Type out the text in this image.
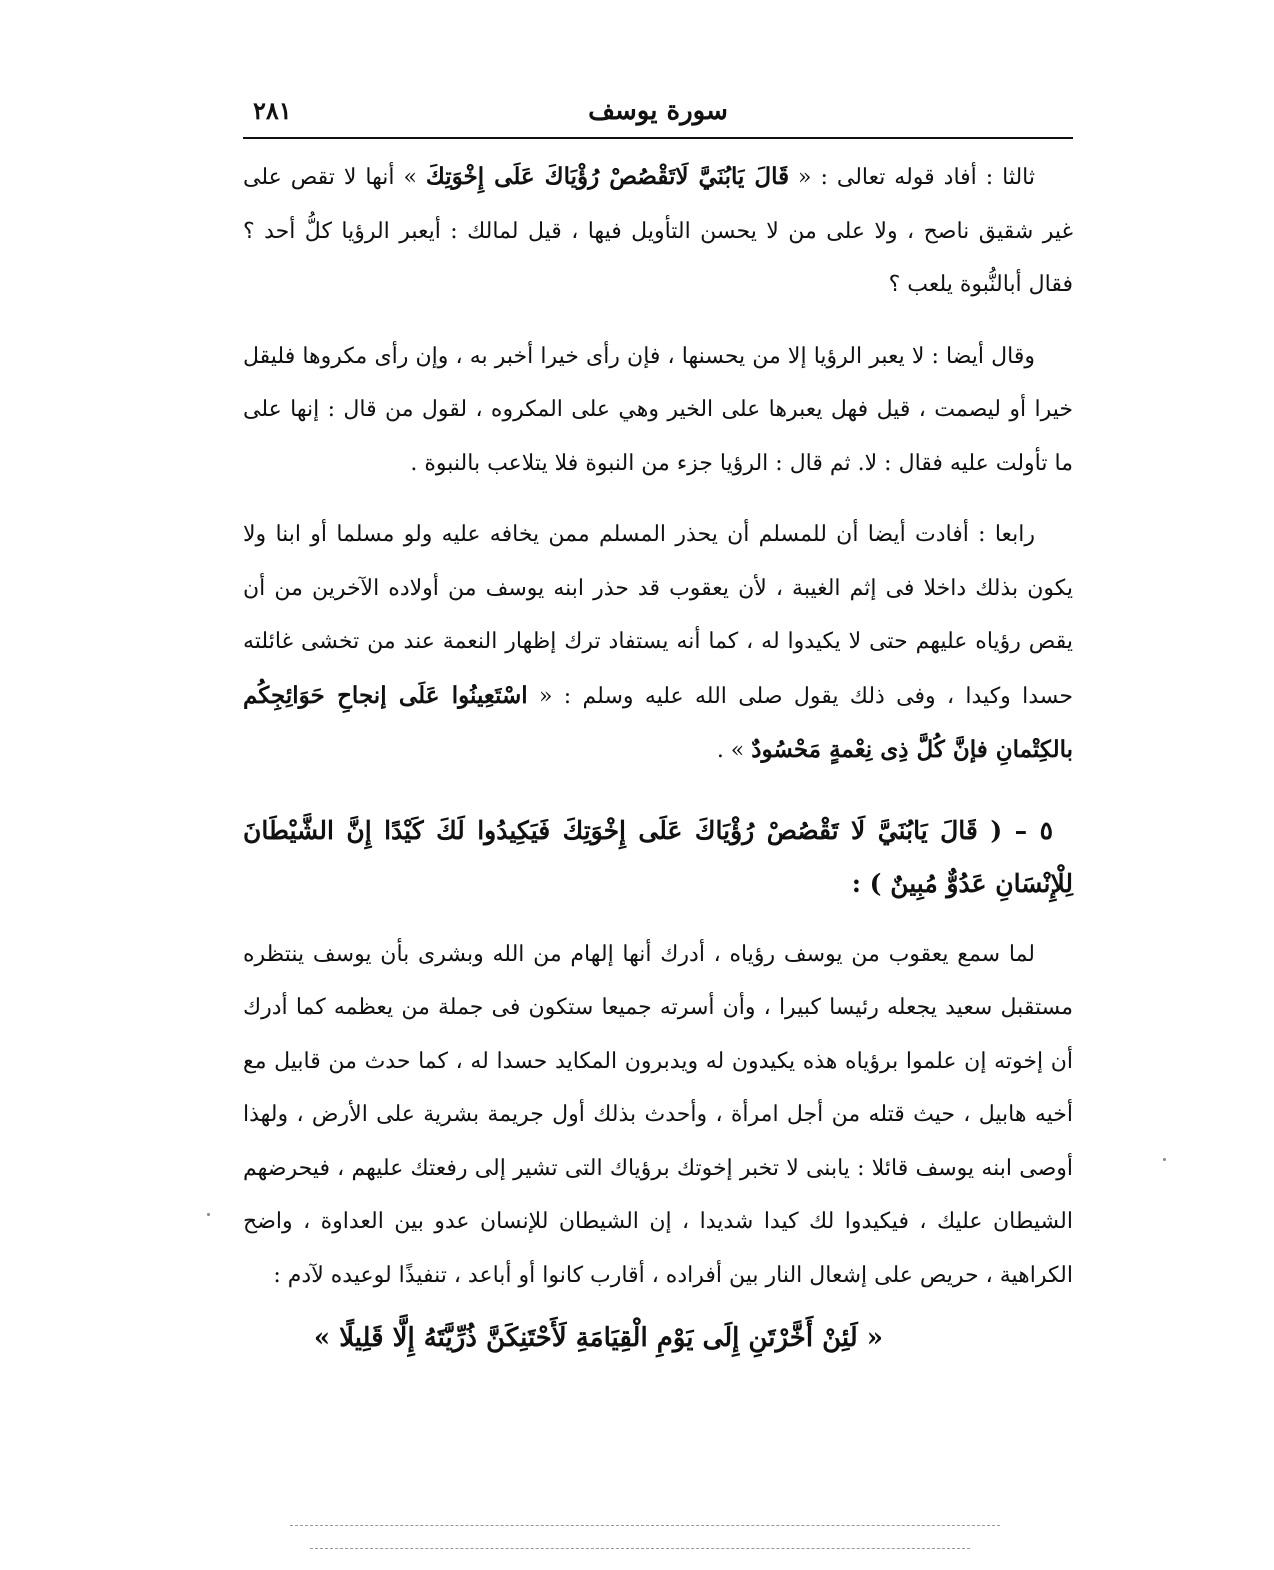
٢٨١	سورة يوسف

ثالثا : أفاد قوله تعالى : « قَالَ يَابُنَيَّ لَاتَقْصُصْ رُؤْيَاكَ عَلَى إِخْوَتِكَ » أنها لا تقص على غير شقيق ناصح ، ولا على من لا يحسن التأويل فيها ، قيل لمالك : أيعبر الرؤيا كلُّ أحد ؟ فقال أبالنُّبوة يلعب ؟

وقال أيضا : لا يعبر الرؤيا إلا من يحسنها ، فإن رأى خيرا أخبر به ، وإن رأى مكروها فليقل خيرا أو ليصمت ، قيل فهل يعبرها على الخير وهي على المكروه ، لقول من قال : إنها على ما تأولت عليه فقال : لا. ثم قال : الرؤيا جزء من النبوة فلا يتلاعب بالنبوة .

رابعا : أفادت أيضا أن للمسلم أن يحذر المسلم ممن يخافه عليه ولو مسلما أو ابنا ولا يكون بذلك داخلا فى إثم الغيبة ، لأن يعقوب قد حذر ابنه يوسف من أولاده الآخرين من أن يقص رؤياه عليهم حتى لا يكيدوا له ، كما أنه يستفاد ترك إظهار النعمة عند من تخشى غائلته حسدا وكيدا ، وفى ذلك يقول صلى الله عليه وسلم : « اسْتَعِينُوا عَلَى إنجاحِ حَوَائِجِكُم بالكِتْمانِ فإنَّ كُلَّ ذِى نِعْمةٍ مَحْسُودٌ » .

٥ – ( قَالَ يَابُنَيَّ لَا تَقْصُصْ رُؤْيَاكَ عَلَى إِخْوَتِكَ فَيَكِيدُوا لَكَ كَيْدًا إِنَّ الشَّيْطَانَ لِلْإِنْسَانِ عَدُوٌّ مُبِينٌ ) :

لما سمع يعقوب من يوسف رؤياه ، أدرك أنها إلهام من الله وبشرى بأن يوسف ينتظره مستقبل سعيد يجعله رئيسا كبيرا ، وأن أسرته جميعا ستكون فى جملة من يعظمه كما أدرك أن إخوته إن علموا برؤياه هذه يكيدون له ويدبرون المكايد حسدا له ، كما حدث من قابيل مع أخيه هابيل ، حيث قتله من أجل امرأة ، وأحدث بذلك أول جريمة بشرية على الأرض ، ولهذا أوصى ابنه يوسف قائلا : يابنى لا تخبر إخوتك برؤياك التى تشير إلى رفعتك عليهم ، فيحرضهم الشيطان عليك ، فيكيدوا لك كيدا شديدا ، إن الشيطان للإنسان عدو بين العداوة ، واضح الكراهية ، حريص على إشعال النار بين أفراده ، أقارب كانوا أو أباعد ، تنفيذًا لوعيده لآدم :

« لَئِنْ أَخَّرْتَنِ إِلَى يَوْمِ الْقِيَامَةِ لَأَحْتَنِكَنَّ ذُرِّيَّتَهُ إِلَّا قَلِيلًا »
